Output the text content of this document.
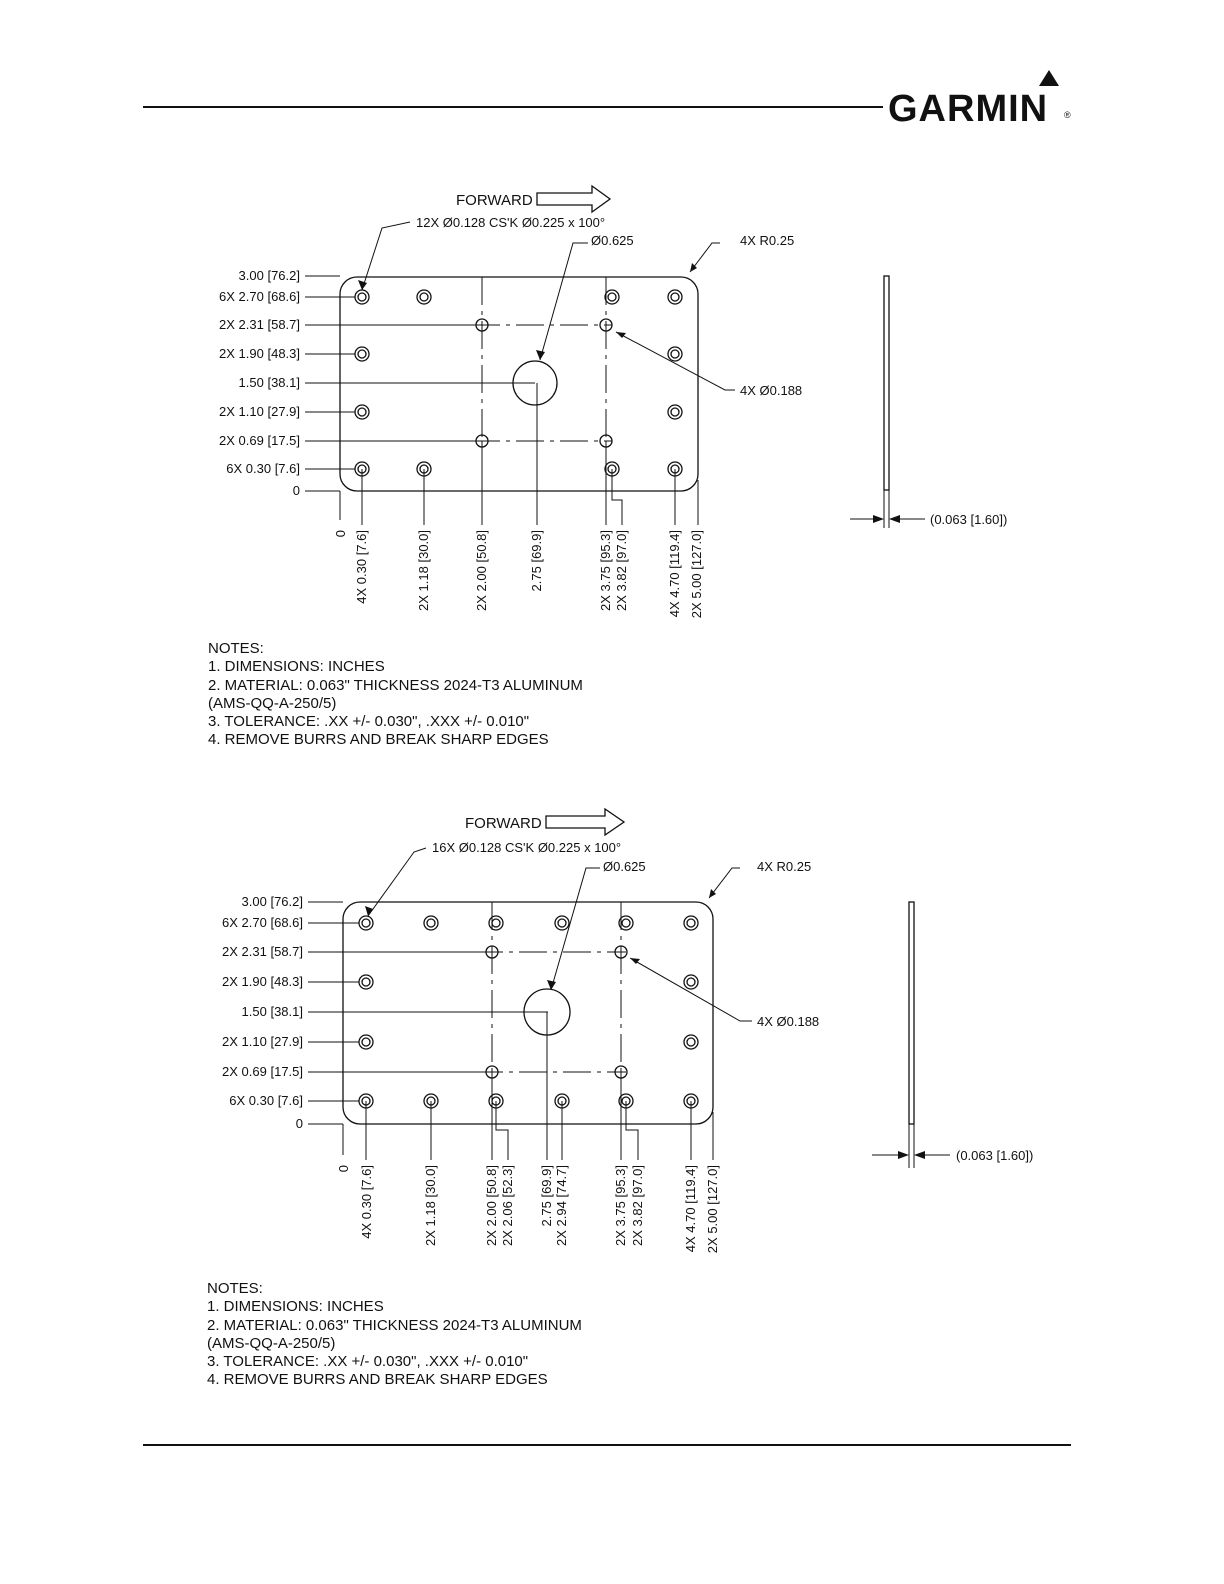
GARMIN ®
FORWARD
12X Ø0.128 CS'K Ø0.225 x 100°
Ø0.625	4X R0.25
4X Ø0.188
(0.063 [1.60])
3.00 [76.2]
6X 2.70 [68.6]
2X 2.31 [58.7]
2X 1.90 [48.3]
1.50 [38.1]
2X 1.10 [27.9]
2X 0.69 [17.5]
6X 0.30 [7.6]
0
0 4X 0.30 [7.6]	2X 1.18 [30.0]	2X 2.00 [50.8]	2.75 [69.9]	2X 3.75 [95.3] 2X 3.82 [97.0]	4X 4.70 [119.4] 2X 5.00 [127.0]
NOTES:
1. DIMENSIONS: INCHES
2. MATERIAL: 0.063" THICKNESS 2024-T3 ALUMINUM
(AMS-QQ-A-250/5)
3. TOLERANCE: .XX +/- 0.030", .XXX +/- 0.010"
4. REMOVE BURRS AND BREAK SHARP EDGES
FORWARD
16X Ø0.128 CS'K Ø0.225 x 100°
Ø0.625	4X R0.25
4X Ø0.188
(0.063 [1.60])
3.00 [76.2]
6X 2.70 [68.6]
2X 2.31 [58.7]
2X 1.90 [48.3]
1.50 [38.1]
2X 1.10 [27.9]
2X 0.69 [17.5]
6X 0.30 [7.6]
0
0 4X 0.30 [7.6]	2X 1.18 [30.0]	2X 2.00 [50.8] 2X 2.06 [52.3] 2.75 [69.9] 2X 2.94 [74.7]	2X 3.75 [95.3] 2X 3.82 [97.0]	4X 4.70 [119.4] 2X 5.00 [127.0]
NOTES:
1. DIMENSIONS: INCHES
2. MATERIAL: 0.063" THICKNESS 2024-T3 ALUMINUM
(AMS-QQ-A-250/5)
3. TOLERANCE: .XX +/- 0.030", .XXX +/- 0.010"
4. REMOVE BURRS AND BREAK SHARP EDGES
